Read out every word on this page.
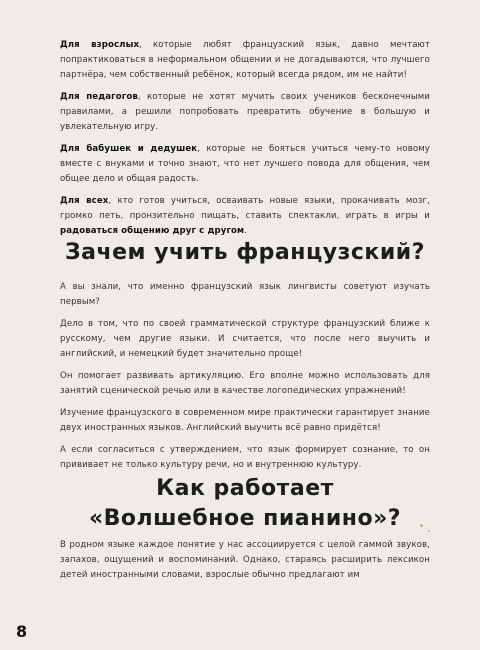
Для взрослых, которые любят французский язык, давно мечтают попрактиковаться в неформальном общении и не догадываются, что лучшего партнёра, чем собственный ребёнок, который всегда рядом, им не найти!

Для педагогов, которые не хотят мучить своих учеников бесконечными правилами, а решили попробовать превратить обучение в большую и увлекательную игру.

Для бабушек и дедушек, которые не бояться учиться чему-то новому вместе с внуками и точно знают, что нет лучшего повода для общения, чем общее дело и общая радость.

Для всех, кто готов учиться, осваивать новые языки, прокачивать мозг, громко петь, пронзительно пищать, ставить спектакли, играть в игры и радоваться общению друг с другом.

Зачем учить французский?

А вы знали, что именно французский язык лингвисты советуют изучать первым?

Дело в том, что по своей грамматической структуре французский ближе к русскому, чем другие языки. И считается, что после него выучить и английский, и немецкий будет значительно проще!

Он помогает развивать артикуляцию. Его вполне можно использовать для занятий сценической речью или в качестве логопедических упражнений!

Изучение французского в современном мире практически гарантирует знание двух иностранных языков. Английский выучить всё равно придётся!

А если согласиться с утверждением, что язык формирует сознание, то он прививает не только культуру речи, но и внутреннюю культуру.

Как работает
«Волшебное пианино»?

В родном языке каждое понятие у нас ассоциируется с целой гаммой звуков, запахов, ощущений и воспоминаний. Однако, стараясь расширить лексикон детей иностранными словами, взрослые обычно предлагают им

8
